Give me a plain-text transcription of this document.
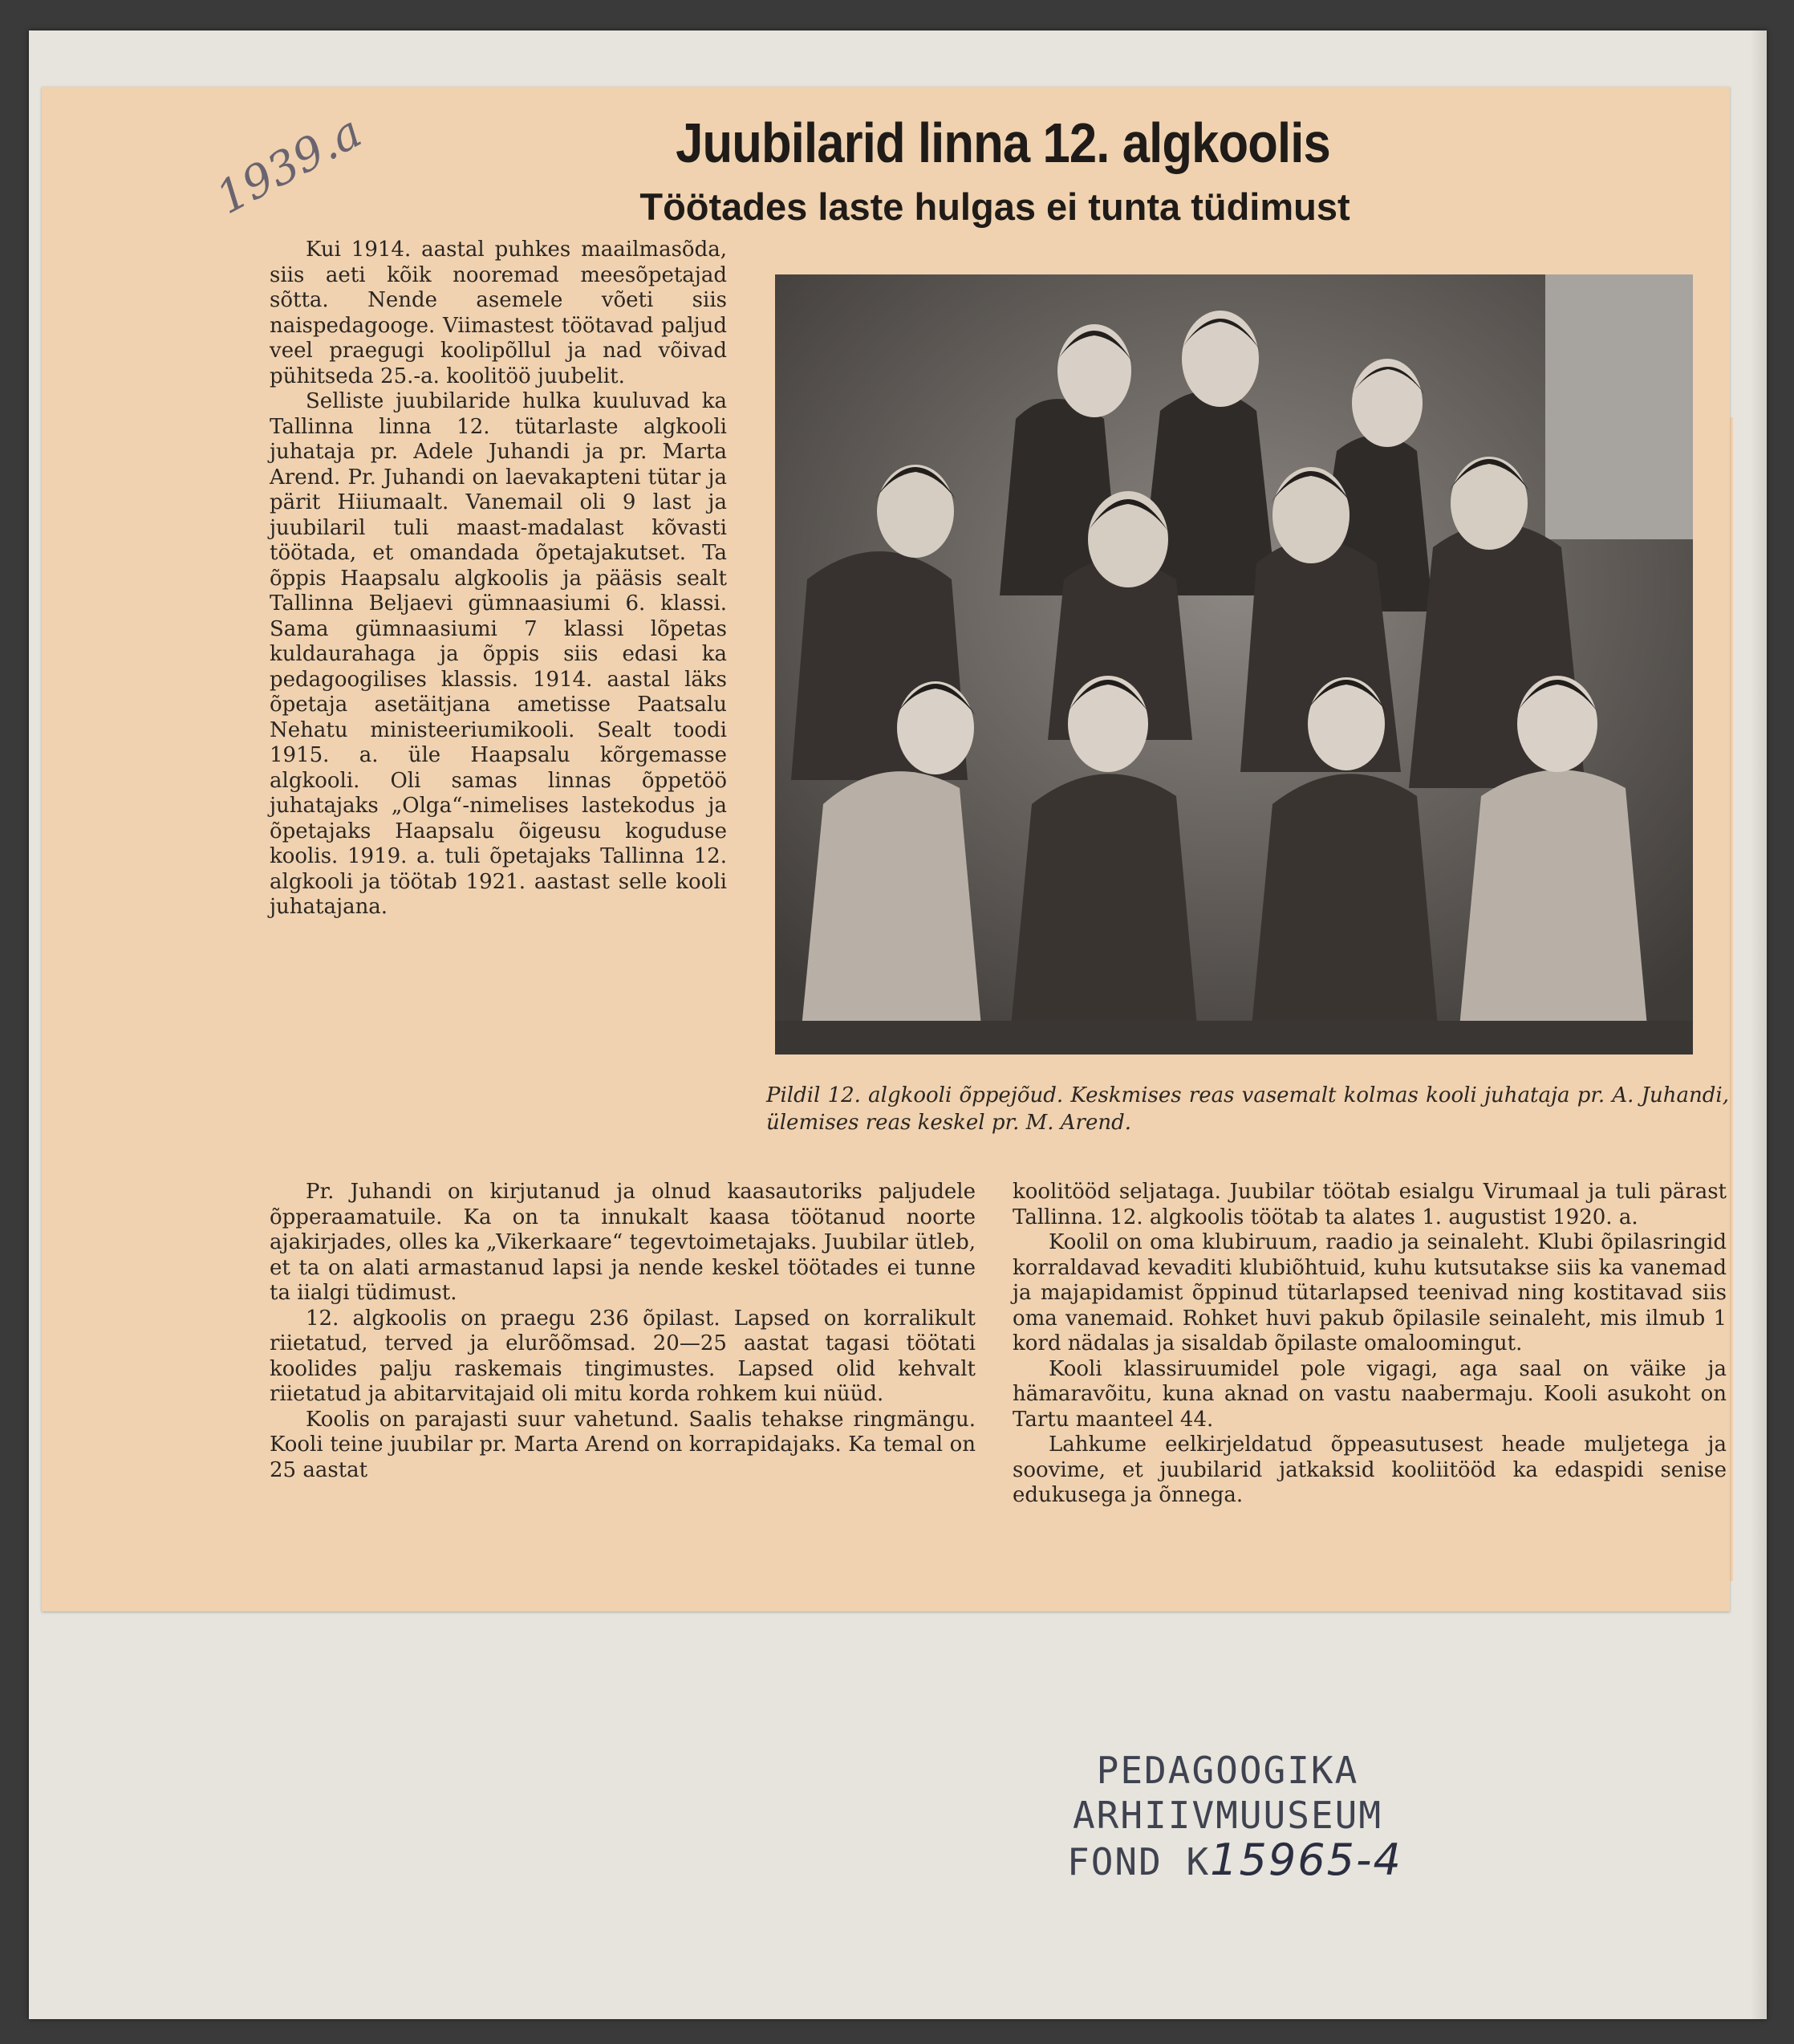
1939.a	Juubilarid linna 12. algkoolis
Töötades laste hulgas ei tunta tüdimust

Kui 1914. aastal puhkes maailmasõda, siis aeti kõik nooremad meesõpetajad sõtta. Nende asemele võeti siis naispedagooge. Viimastest töötavad paljud veel praegugi koolipõllul ja nad võivad pühitseda 25.-a. koolitöö juubelit.

Selliste juubilaride hulka kuuluvad ka Tallinna linna 12. tütarlaste algkooli juhataja pr. Adele Juhandi ja pr. Marta Arend. Pr. Juhandi on laevakapteni tütar ja pärit Hiiumaalt. Vanemail oli 9 last ja juubilaril tuli maast-madalast kõvasti töötada, et omandada õpetajakutset. Ta õppis Haapsalu algkoolis ja pääsis sealt Tallinna Beljaevi gümnaasiumi 6. klassi. Sama gümnaasiumi 7 klassi lõpetas kuldaurahaga ja õppis siis edasi ka pedagoogilises klassis. 1914. aastal läks õpetaja asetäitjana ametisse Paatsalu Nehatu ministeeriumikooli. Sealt toodi 1915. a. üle Haapsalu kõrgemasse algkooli. Oli samas linnas õppetöö juhatajaks „Olga“-nimelises lastekodus ja õpetajaks Haapsalu õigeusu koguduse koolis. 1919. a. tuli õpetajaks Tallinna 12. algkooli ja töötab 1921. aastast selle kooli juhatajana.

Pildil 12. algkooli õppejõud. Keskmises reas vasemalt kolmas kooli juhataja pr. A. Juhandi, ülemises reas keskel pr. M. Arend.

Pr. Juhandi on kirjutanud ja olnud kaasautoriks paljudele õpperaamatuile. Ka on ta innukalt kaasa töötanud noorte ajakirjades, olles ka „Vikerkaare“ tegevtoimetajaks. Juubilar ütleb, et ta on alati armastanud lapsi ja nende keskel töötades ei tunne ta iialgi tüdimust.

12. algkoolis on praegu 236 õpilast. Lapsed on korralikult riietatud, terved ja elurõõmsad. 20—25 aastat tagasi töötati koolides palju raskemais tingimustes. Lapsed olid kehvalt riietatud ja abitarvitajaid oli mitu korda rohkem kui nüüd.

Koolis on parajasti suur vahetund. Saalis tehakse ringmängu. Kooli teine juubilar pr. Marta Arend on korrapidajaks. Ka temal on 25 aastat

koolitööd seljatagа. Juubilar töötab esialgu Virumaal ja tuli pärast Tallinna. 12. algkoolis töötab ta alates 1. augustist 1920. a.

Koolil on oma klubiruum, raadio ja seinaleht. Klubi õpilasringid korraldavad kevaditi klubiõhtuid, kuhu kutsutakse siis ka vanemad ja majapidamist õppinud tütarlapsed teenivad ning kostitavad siis oma vanemaid. Rohket huvi pakub õpilasile seinaleht, mis ilmub 1 kord nädalas ja sisaldab õpilaste omaloomingut.

Kooli klassiruumidel pole vigagi, aga saal on väike ja hämaravõitu, kuna aknad on vastu naabermaju. Kooli asukoht on Tartu maanteel 44.

Lahkume eelkirjeldatud õppeasutusest heade muljetega ja soovime, et juubilarid jatkaksid kooliitööd ka edaspidi senise edukusega ja õnnega.

PEDAGOOGIKA
ARHIIVMUUSEUM
FOND K15965-4
